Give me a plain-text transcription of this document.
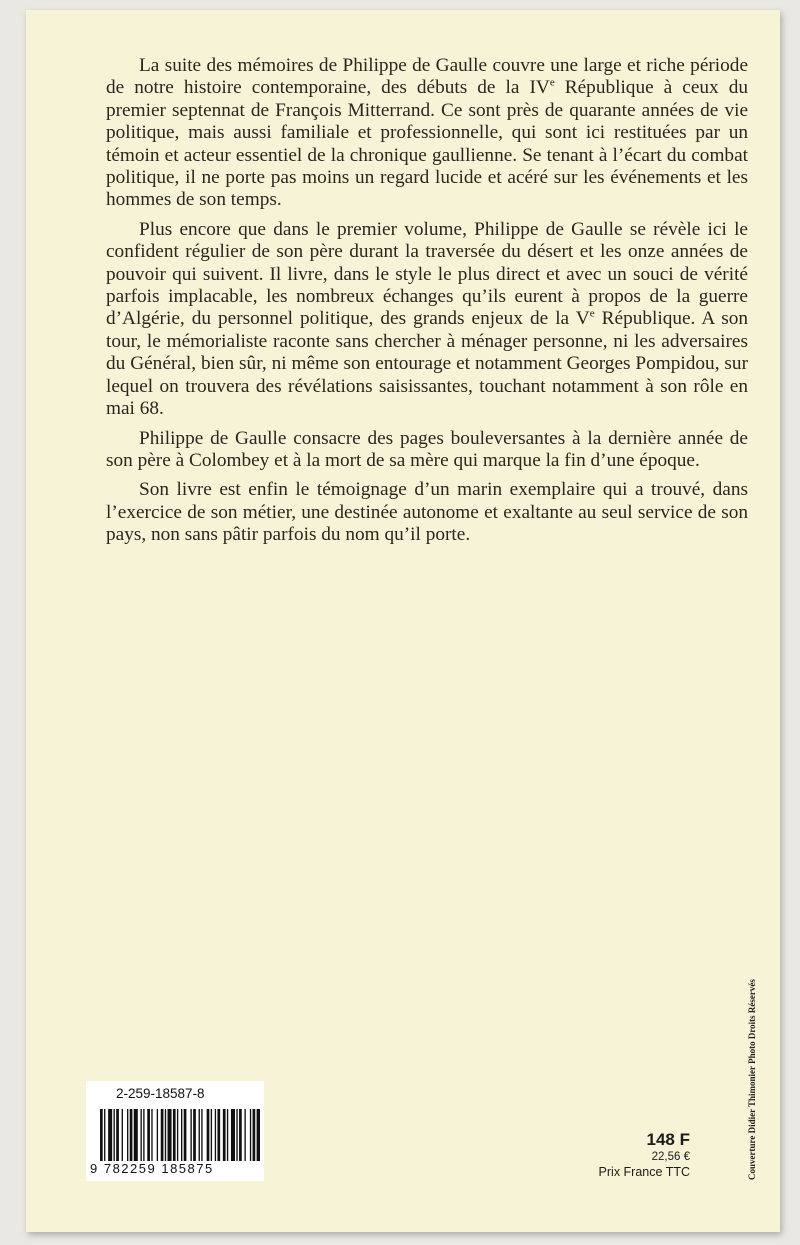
La suite des mémoires de Philippe de Gaulle couvre une large et riche période de notre histoire contemporaine, des débuts de la IVe République à ceux du premier septennat de François Mitterrand. Ce sont près de quarante années de vie politique, mais aussi familiale et professionnelle, qui sont ici restituées par un témoin et acteur essentiel de la chronique gaullienne. Se tenant à l’écart du combat politique, il ne porte pas moins un regard lucide et acéré sur les événements et les hommes de son temps.

Plus encore que dans le premier volume, Philippe de Gaulle se révèle ici le confident régulier de son père durant la traversée du désert et les onze années de pouvoir qui suivent. Il livre, dans le style le plus direct et avec un souci de vérité parfois implacable, les nombreux échanges qu’ils eurent à propos de la guerre d’Algérie, du personnel politique, des grands enjeux de la Ve République. A son tour, le mémorialiste raconte sans chercher à ménager personne, ni les adversaires du Général, bien sûr, ni même son entourage et notamment Georges Pompidou, sur lequel on trouvera des révélations saisissantes, touchant notamment à son rôle en mai 68.

Philippe de Gaulle consacre des pages bouleversantes à la dernière année de son père à Colombey et à la mort de sa mère qui marque la fin d’une époque.

Son livre est enfin le témoignage d’un marin exemplaire qui a trouvé, dans l’exercice de son métier, une destinée autonome et exaltante au seul service de son pays, non sans pâtir parfois du nom qu’il porte.

2-259-18587-8
9 782259 185875
148 F
22,56 €
Prix France TTC	Couverture Didier Thimonier Photo Droits Réservés
